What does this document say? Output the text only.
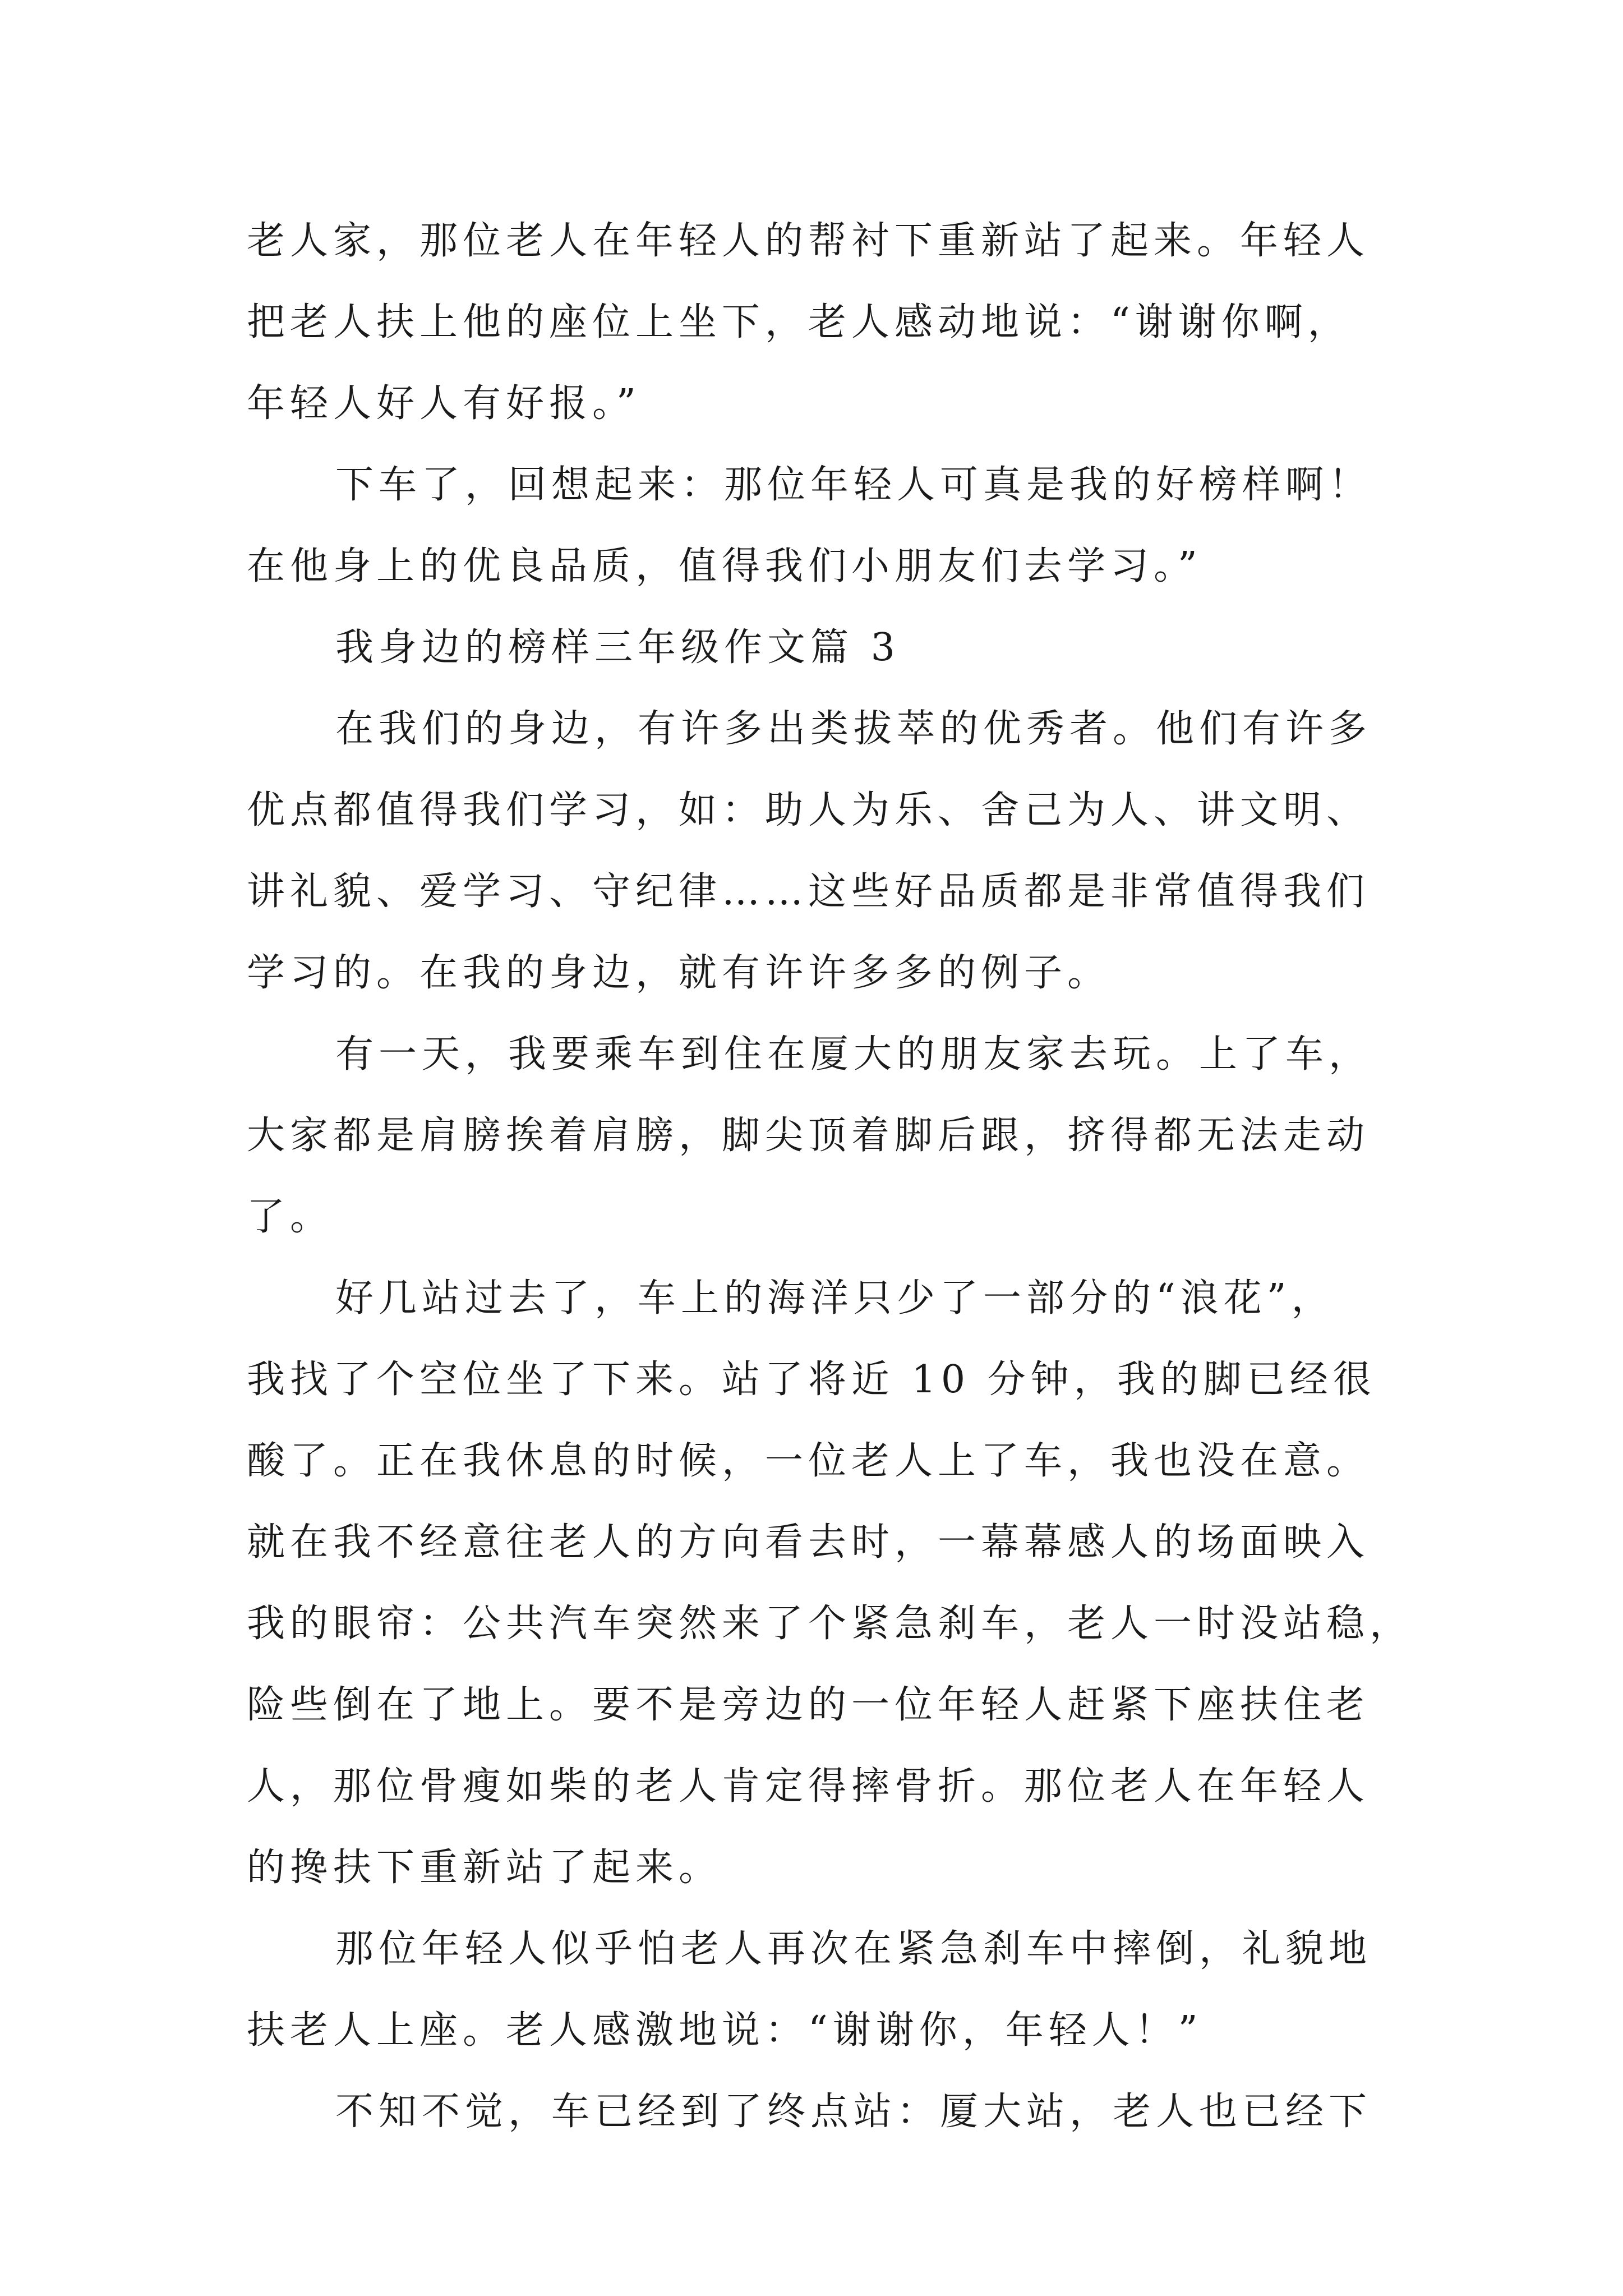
老人家，那位老人在年轻人的帮衬下重新站了起来。年轻人
把老人扶上他的座位上坐下，老人感动地说：“谢谢你啊，
年轻人好人有好报。”
下车了，回想起来：那位年轻人可真是我的好榜样啊！
在他身上的优良品质，值得我们小朋友们去学习。”
我身边的榜样三年级作文篇 3
在我们的身边，有许多出类拔萃的优秀者。他们有许多
优点都值得我们学习，如：助人为乐、舍己为人、讲文明、
讲礼貌、爱学习、守纪律……这些好品质都是非常值得我们
学习的。在我的身边，就有许许多多的例子。
有一天，我要乘车到住在厦大的朋友家去玩。上了车，
大家都是肩膀挨着肩膀，脚尖顶着脚后跟，挤得都无法走动
了。
好几站过去了，车上的海洋只少了一部分的“浪花”，
我找了个空位坐了下来。站了将近 10 分钟，我的脚已经很
酸了。正在我休息的时候，一位老人上了车，我也没在意。
就在我不经意往老人的方向看去时，一幕幕感人的场面映入
我的眼帘：公共汽车突然来了个紧急刹车，老人一时没站稳，
险些倒在了地上。要不是旁边的一位年轻人赶紧下座扶住老
人，那位骨瘦如柴的老人肯定得摔骨折。那位老人在年轻人
的搀扶下重新站了起来。
那位年轻人似乎怕老人再次在紧急刹车中摔倒，礼貌地
扶老人上座。老人感激地说：“谢谢你，年轻人！”
不知不觉，车已经到了终点站：厦大站，老人也已经下
